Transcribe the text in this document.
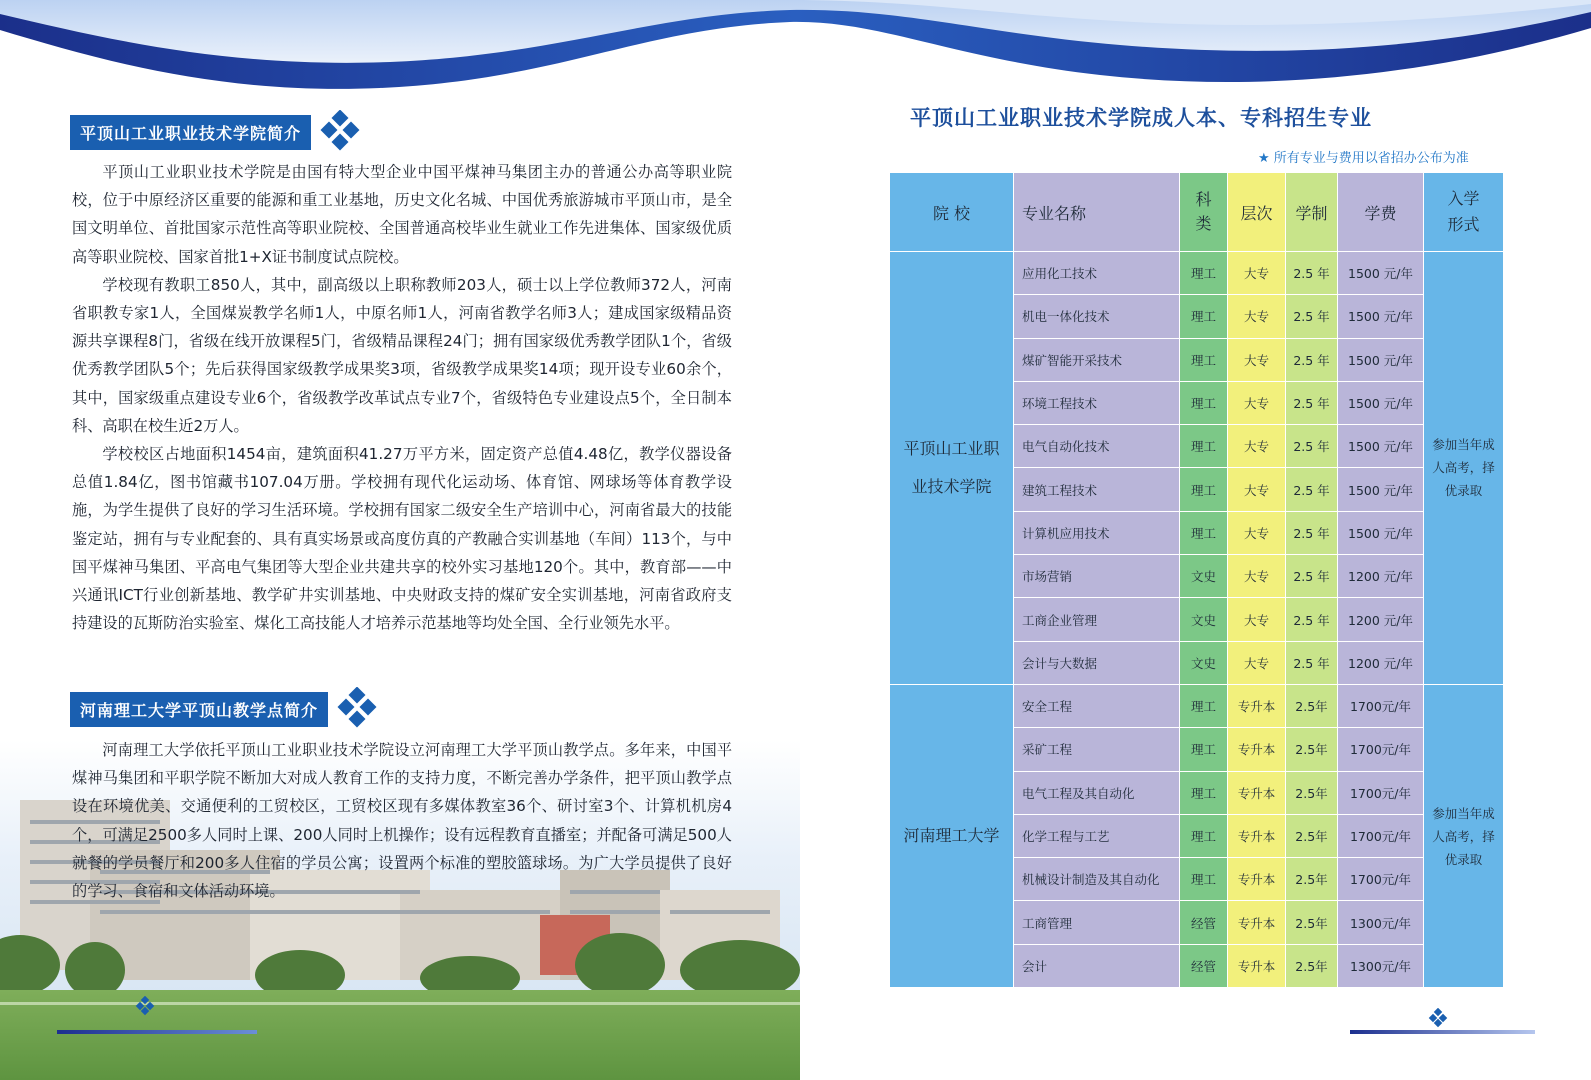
平顶山工业职业技术学院简介

平顶山工业职业技术学院是由国有特大型企业中国平煤神马集团主办的普通公办高等职业院校，位于中原经济区重要的能源和重工业基地，历史文化名城、中国优秀旅游城市平顶山市，是全国文明单位、首批国家示范性高等职业院校、全国普通高校毕业生就业工作先进集体、国家级优质高等职业院校、国家首批1+X证书制度试点院校。

学校现有教职工850人，其中，副高级以上职称教师203人，硕士以上学位教师372人，河南省职教专家1人，全国煤炭教学名师1人，中原名师1人，河南省教学名师3人；建成国家级精品资源共享课程8门，省级在线开放课程5门，省级精品课程24门；拥有国家级优秀教学团队1个，省级优秀教学团队5个；先后获得国家级教学成果奖3项，省级教学成果奖14项；现开设专业60余个，其中，国家级重点建设专业6个，省级教学改革试点专业7个，省级特色专业建设点5个，全日制本科、高职在校生近2万人。

学校校区占地面积1454亩，建筑面积41.27万平方米，固定资产总值4.48亿，教学仪器设备总值1.84亿，图书馆藏书107.04万册。学校拥有现代化运动场、体育馆、网球场等体育教学设施，为学生提供了良好的学习生活环境。学校拥有国家二级安全生产培训中心，河南省最大的技能鉴定站，拥有与专业配套的、具有真实场景或高度仿真的产教融合实训基地（车间）113个，与中国平煤神马集团、平高电气集团等大型企业共建共享的校外实习基地120个。其中，教育部——中兴通讯ICT行业创新基地、教学矿井实训基地、中央财政支持的煤矿安全实训基地，河南省政府支持建设的瓦斯防治实验室、煤化工高技能人才培养示范基地等均处全国、全行业领先水平。

河南理工大学平顶山教学点简介

河南理工大学依托平顶山工业职业技术学院设立河南理工大学平顶山教学点。多年来，中国平煤神马集团和平职学院不断加大对成人教育工作的支持力度，不断完善办学条件，把平顶山教学点设在环境优美、交通便利的工贸校区，工贸校区现有多媒体教室36个、研讨室3个、计算机机房4个，可满足2500多人同时上课、200人同时上机操作；设有远程教育直播室；并配备可满足500人就餐的学员餐厅和200多人住宿的学员公寓；设置两个标准的塑胶篮球场。为广大学员提供了良好的学习、食宿和文体活动环境。

平顶山工业职业技术学院成人本、专科招生专业
★ 所有专业与费用以省招办公布为准
院 校	专业名称	科类	层次	学制	学费	入学形式
平顶山工业职业技术学院	应用化工技术	理工	大专	2.5 年	1500 元/年	参加当年成人高考，择优录取
	机电一体化技术	理工	大专	2.5 年	1500 元/年	
	煤矿智能开采技术	理工	大专	2.5 年	1500 元/年	
	环境工程技术	理工	大专	2.5 年	1500 元/年	
	电气自动化技术	理工	大专	2.5 年	1500 元/年	
	建筑工程技术	理工	大专	2.5 年	1500 元/年	
	计算机应用技术	理工	大专	2.5 年	1500 元/年	
	市场营销	文史	大专	2.5 年	1200 元/年	
	工商企业管理	文史	大专	2.5 年	1200 元/年	
	会计与大数据	文史	大专	2.5 年	1200 元/年	
河南理工大学	安全工程	理工	专升本	2.5年	1700元/年	参加当年成人高考，择优录取
	采矿工程	理工	专升本	2.5年	1700元/年	
	电气工程及其自动化	理工	专升本	2.5年	1700元/年	
	化学工程与工艺	理工	专升本	2.5年	1700元/年	
	机械设计制造及其自动化	理工	专升本	2.5年	1700元/年	
	工商管理	经管	专升本	2.5年	1300元/年	
	会计	经管	专升本	2.5年	1300元/年	
